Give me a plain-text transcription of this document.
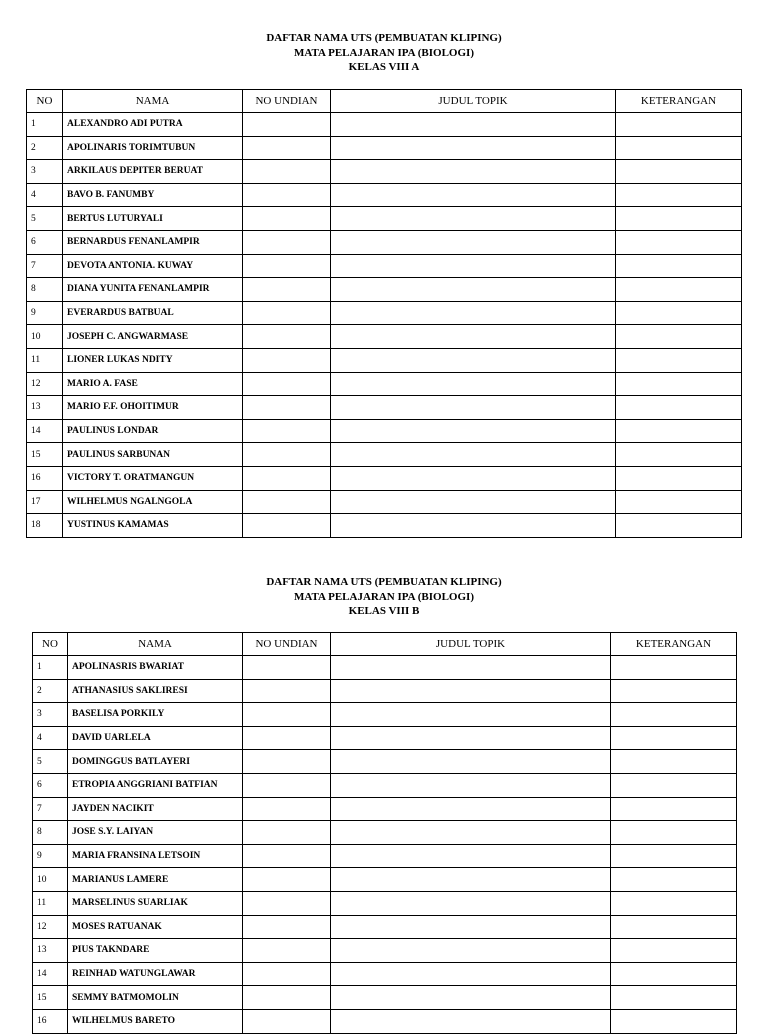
DAFTAR NAMA UTS (PEMBUATAN KLIPING)
MATA PELAJARAN IPA (BIOLOGI)
KELAS VIII A
NO	NAMA	NO UNDIAN	JUDUL TOPIK	KETERANGAN
1	ALEXANDRO ADI PUTRA			
2	APOLINARIS TORIMTUBUN			
3	ARKILAUS DEPITER BERUAT			
4	BAVO B. FANUMBY			
5	BERTUS LUTURYALI			
6	BERNARDUS FENANLAMPIR			
7	DEVOTA ANTONIA. KUWAY			
8	DIANA YUNITA FENANLAMPIR			
9	EVERARDUS BATBUAL			
10	JOSEPH C. ANGWARMASE			
11	LIONER LUKAS NDITY			
12	MARIO A. FASE			
13	MARIO F.F. OHOITIMUR			
14	PAULINUS LONDAR			
15	PAULINUS SARBUNAN			
16	VICTORY T. ORATMANGUN			
17	WILHELMUS NGALNGOLA			
18	YUSTINUS KAMAMAS			
DAFTAR NAMA UTS (PEMBUATAN KLIPING)
MATA PELAJARAN IPA (BIOLOGI)
KELAS VIII B
NO	NAMA	NO UNDIAN	JUDUL TOPIK	KETERANGAN
1	APOLINASRIS BWARIAT			
2	ATHANASIUS SAKLIRESI			
3	BASELISA PORKILY			
4	DAVID UARLELA			
5	DOMINGGUS BATLAYERI			
6	ETROPIA ANGGRIANI BATFIAN			
7	JAYDEN NACIKIT			
8	JOSE S.Y. LAIYAN			
9	MARIA FRANSINA LETSOIN			
10	MARIANUS LAMERE			
11	MARSELINUS SUARLIAK			
12	MOSES RATUANAK			
13	PIUS TAKNDARE			
14	REINHAD WATUNGLAWAR			
15	SEMMY BATMOMOLIN			
16	WILHELMUS BARETO			
